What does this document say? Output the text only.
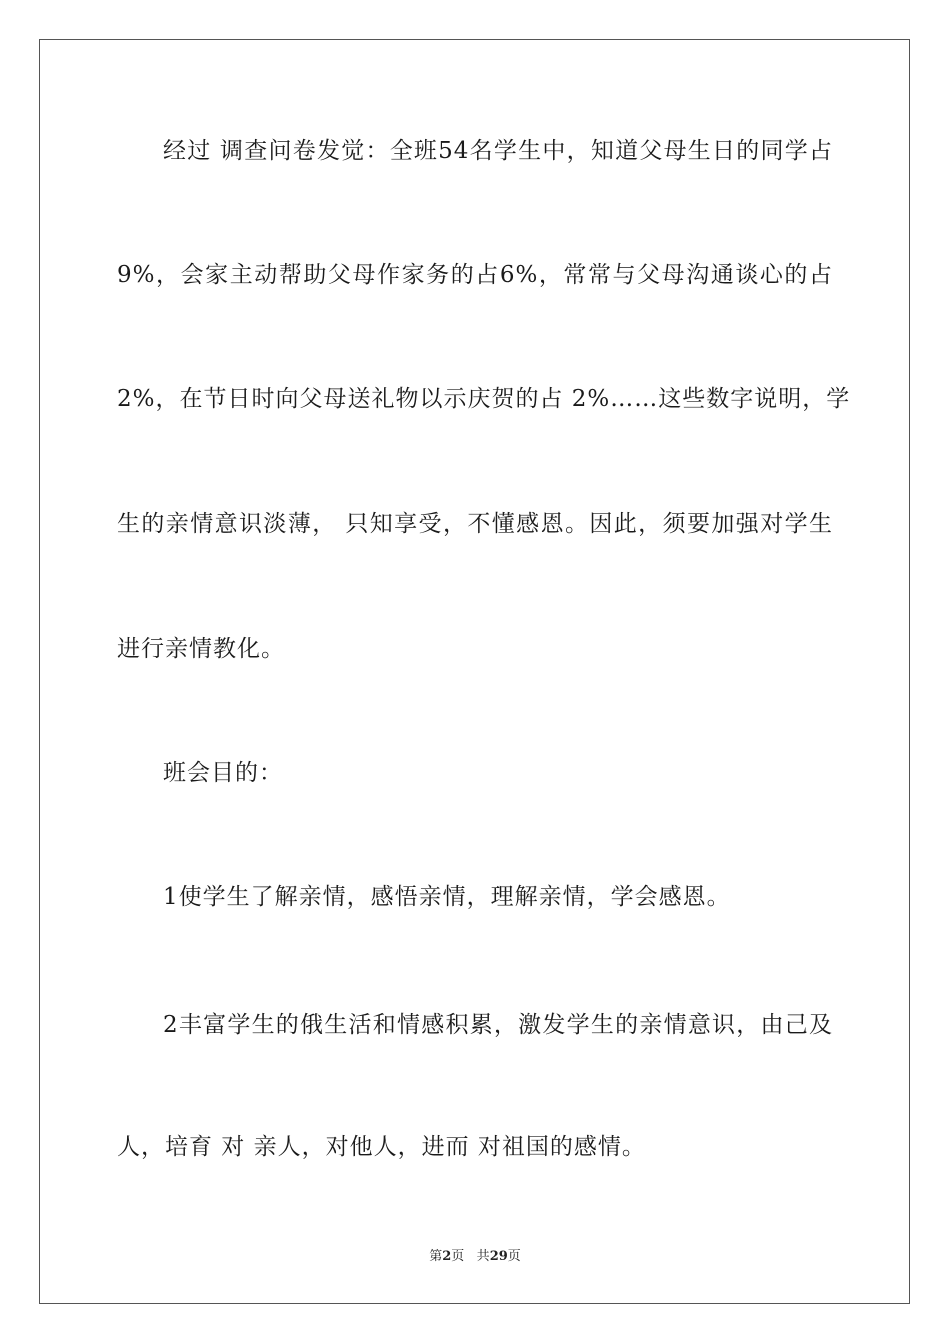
经过 调查问卷发觉：全班54名学生中，知道父母生日的同学占
9%，会家主动帮助父母作家务的占6%，常常与父母沟通谈心的占
2%，在节日时向父母送礼物以示庆贺的占 2%……这些数字说明，学
生的亲情意识淡薄， 只知享受，不懂感恩。因此，须要加强对学生
进行亲情教化。
班会目的：
1使学生了解亲情，感悟亲情，理解亲情，学会感恩。
2丰富学生的俄生活和情感积累，激发学生的亲情意识，由己及
人，培育 对 亲人，对他人，进而 对祖国的感情。
第2页 共29页
